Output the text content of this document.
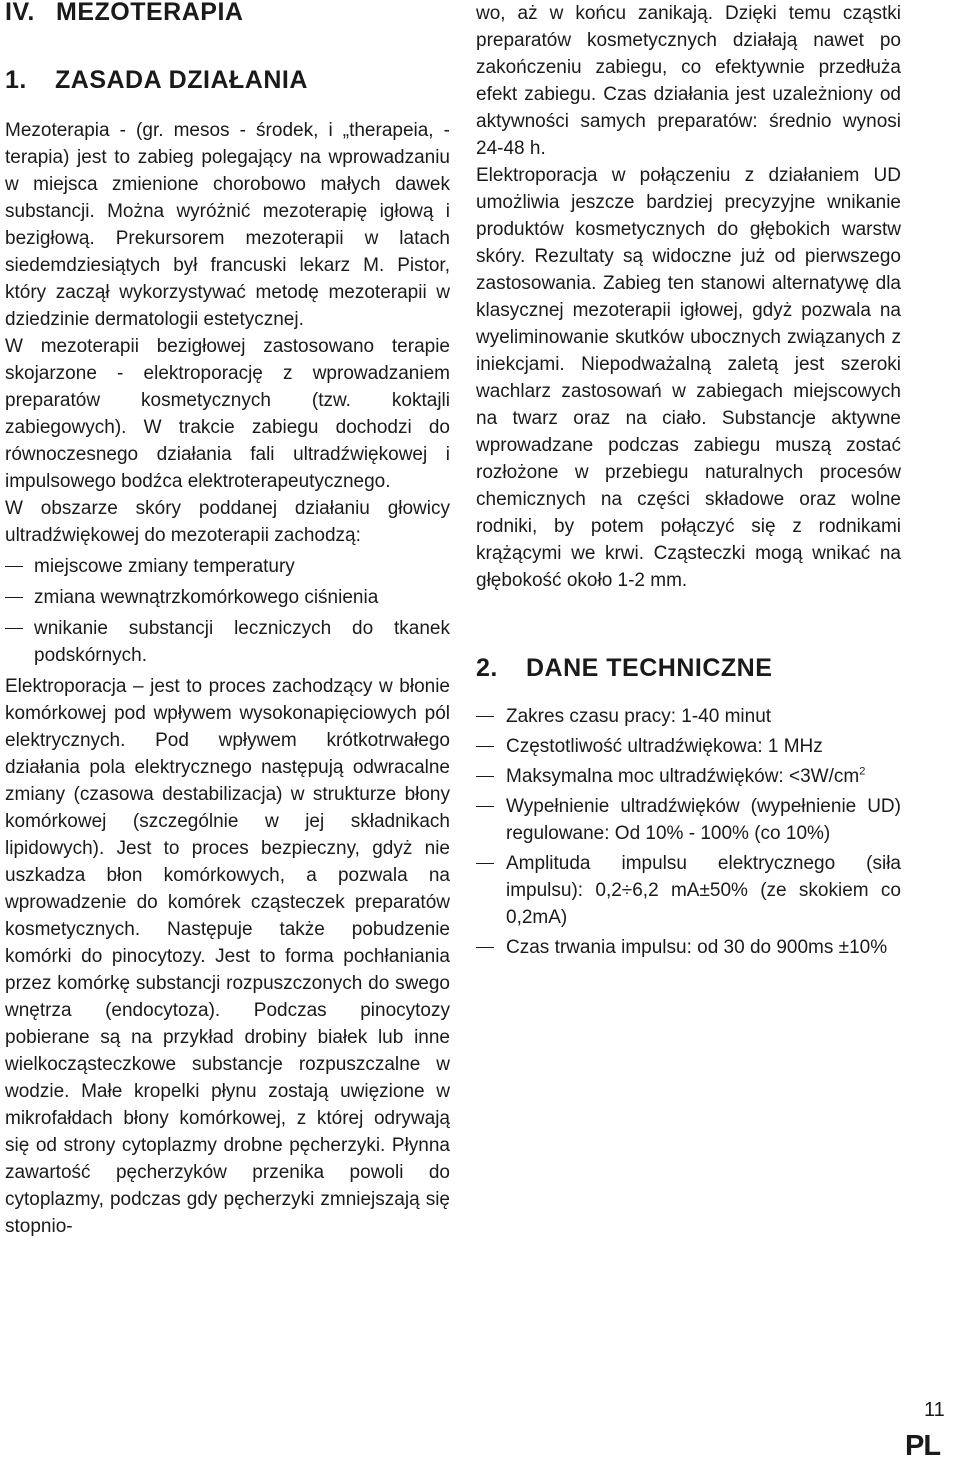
IV. MEZOTERAPIA
1.	ZASADA DZIAŁANIA

Mezoterapia - (gr. mesos - środek, i „therapeia, - terapia) jest to zabieg polegający na wprowadzaniu w miejsca zmienione chorobowo małych dawek substancji. Można wyróżnić mezoterapię igłową i bezigłową. Prekursorem mezoterapii w latach siedemdziesiątych był francuski lekarz M. Pistor, który zaczął wykorzystywać metodę mezoterapii w dziedzinie dermatologii estetycznej.

W mezoterapii bezigłowej zastosowano terapie skojarzone - elektroporację z wprowadzaniem preparatów kosmetycznych (tzw. koktajli zabiegowych). W trakcie zabiegu dochodzi do równoczesnego działania fali ultradźwiękowej i impulsowego bodźca elektroterapeutycznego.

W obszarze skóry poddanej działaniu głowicy ultradźwiękowej do mezoterapii zachodzą:

miejscowe zmiany temperatury
zmiana wewnątrzkomórkowego ciśnienia
wnikanie substancji leczniczych do tkanek podskórnych.

Elektroporacja – jest to proces zachodzący w błonie komórkowej pod wpływem wysokonapięciowych pól elektrycznych. Pod wpływem krótkotrwałego działania pola elektrycznego następują odwracalne zmiany (czasowa destabilizacja) w strukturze błony komórkowej (szczególnie w jej składnikach lipidowych). Jest to proces bezpieczny, gdyż nie uszkadza błon komórkowych, a pozwala na wprowadzenie do komórek cząsteczek preparatów kosmetycznych. Następuje także pobudzenie komórki do pinocytozy. Jest to forma pochłaniania przez komórkę substancji rozpuszczonych do swego wnętrza (endocytoza). Podczas pinocytozy pobierane są na przykład drobiny białek lub inne wielkocząsteczkowe substancje rozpuszczalne w wodzie. Małe kropelki płynu zostają uwięzione w mikrofałdach błony komórkowej, z której odrywają się od strony cytoplazmy drobne pęcherzyki. Płynna zawartość pęcherzyków przenika powoli do cytoplazmy, podczas gdy pęcherzyki zmniejszają się stopnio-

wo, aż w końcu zanikają. Dzięki temu cząstki preparatów kosmetycznych działają nawet po zakończeniu zabiegu, co efektywnie przedłuża efekt zabiegu. Czas działania jest uzależniony od aktywności samych preparatów: średnio wynosi 24-48 h.

Elektroporacja w połączeniu z działaniem UD umożliwia jeszcze bardziej precyzyjne wnikanie produktów kosmetycznych do głębokich warstw skóry. Rezultaty są widoczne już od pierwszego zastosowania. Zabieg ten stanowi alternatywę dla klasycznej mezoterapii igłowej, gdyż pozwala na wyeliminowanie skutków ubocznych związanych z iniekcjami. Niepodważalną zaletą jest szeroki wachlarz zastosowań w zabiegach miejscowych na twarz oraz na ciało. Substancje aktywne wprowadzane podczas zabiegu muszą zostać rozłożone w przebiegu naturalnych procesów chemicznych na części składowe oraz wolne rodniki, by potem połączyć się z rodnikami krążącymi we krwi. Cząsteczki mogą wnikać na głębokość około 1-2 mm.

2.	DANE TECHNICZNE
Zakres czasu pracy: 1-40 minut
Częstotliwość ultradźwiękowa: 1 MHz
Maksymalna moc ultradźwięków: $<3W/cm^2$
Wypełnienie ultradźwięków (wypełnienie UD) regulowane: Od 10% - 100% (co 10%)
Amplituda impulsu elektrycznego (siła impulsu): 0,2÷6,2 mA±50% (ze skokiem co 0,2mA)
Czas trwania impulsu: od 30 do 900ms ±10%
11
PL
